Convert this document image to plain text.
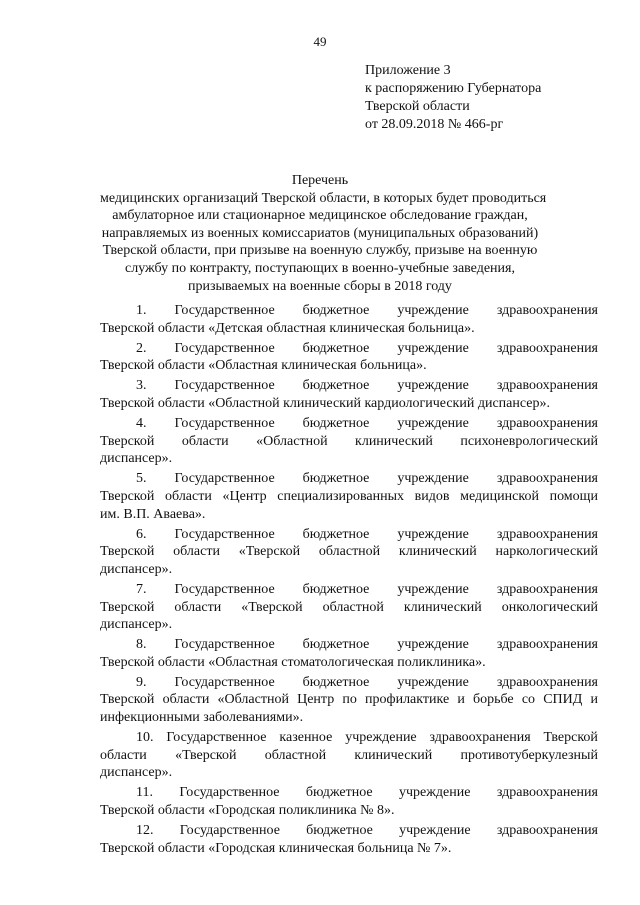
49
Приложение 3
к распоряжению Губернатора
Тверской области
от 28.09.2018 № 466-рг
Перечень
медицинских организаций Тверской области, в которых будет проводиться
амбулаторное или стационарное медицинское обследование граждан,
направляемых из военных комиссариатов (муниципальных образований)
Тверской области, при призыве на военную службу, призыве на военную
службу по контракту, поступающих в военно-учебные заведения,
призываемых на военные сборы в 2018 году
1. Государственное бюджетное учреждение здравоохранения
Тверской области «Детская областная клиническая больница».
2. Государственное бюджетное учреждение здравоохранения
Тверской области «Областная клиническая больница».
3. Государственное бюджетное учреждение здравоохранения
Тверской области «Областной клинический кардиологический диспансер».
4. Государственное бюджетное учреждение здравоохранения
Тверской области «Областной клинический психоневрологический
диспансер».
5. Государственное бюджетное учреждение здравоохранения
Тверской области «Центр специализированных видов медицинской помощи
им. В.П. Аваева».
6. Государственное бюджетное учреждение здравоохранения
Тверской области «Тверской областной клинический наркологический
диспансер».
7. Государственное бюджетное учреждение здравоохранения
Тверской области «Тверской областной клинический онкологический
диспансер».
8. Государственное бюджетное учреждение здравоохранения
Тверской области «Областная стоматологическая поликлиника».
9. Государственное бюджетное учреждение здравоохранения
Тверской области «Областной Центр по профилактике и борьбе со СПИД и
инфекционными заболеваниями».
10. Государственное казенное учреждение здравоохранения Тверской
области «Тверской областной клинический противотуберкулезный
диспансер».
11. Государственное бюджетное учреждение здравоохранения
Тверской области «Городская поликлиника № 8».
12. Государственное бюджетное учреждение здравоохранения
Тверской области «Городская клиническая больница № 7».
